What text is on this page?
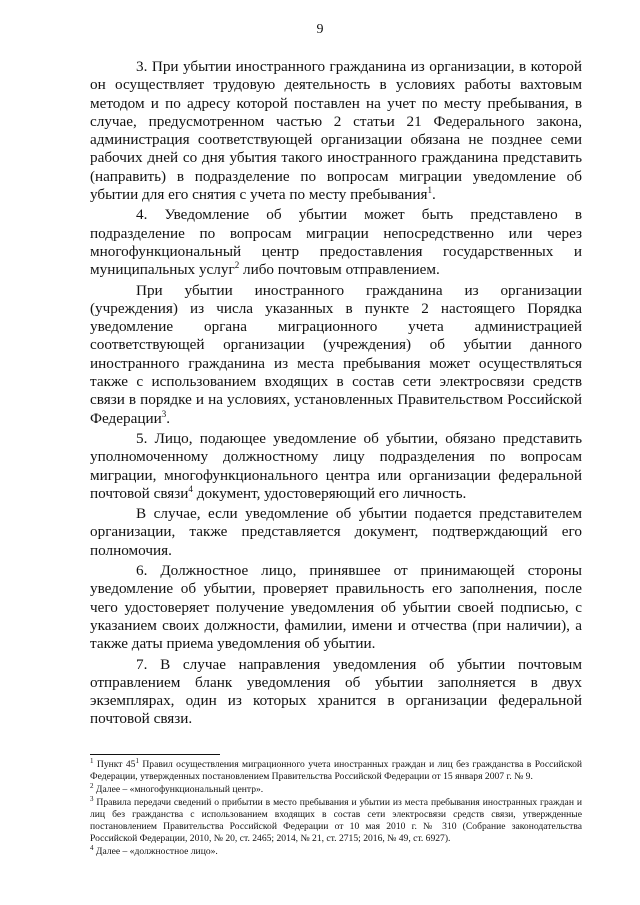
9

3. При убытии иностранного гражданина из организации, в которой он осуществляет трудовую деятельность в условиях работы вахтовым методом и по адресу которой поставлен на учет по месту пребывания, в случае, предусмотренном частью 2 статьи 21 Федерального закона, администрация соответствующей организации обязана не позднее семи рабочих дней со дня убытия такого иностранного гражданина представить (направить) в подразделение по вопросам миграции уведомление об убытии для его снятия с учета по месту пребывания$^1$.

4. Уведомление об убытии может быть представлено в подразделение по вопросам миграции непосредственно или через многофункциональный центр предоставления государственных и муниципальных услуг$^2$ либо почтовым отправлением.

При убытии иностранного гражданина из организации (учреждения) из числа указанных в пункте 2 настоящего Порядка уведомление органа миграционного учета администрацией соответствующей организации (учреждения) об убытии данного иностранного гражданина из места пребывания может осуществляться также с использованием входящих в состав сети электросвязи средств связи в порядке и на условиях, установленных Правительством Российской Федерации$^3$.

5. Лицо, подающее уведомление об убытии, обязано представить уполномоченному должностному лицу подразделения по вопросам миграции, многофункционального центра или организации федеральной почтовой связи$^4$ документ, удостоверяющий его личность.

В случае, если уведомление об убытии подается представителем организации, также представляется документ, подтверждающий его полномочия.

6. Должностное лицо, принявшее от принимающей стороны уведомление об убытии, проверяет правильность его заполнения, после чего удостоверяет получение уведомления об убытии своей подписью, с указанием своих должности, фамилии, имени и отчества (при наличии), а также даты приема уведомления об убытии.

7. В случае направления уведомления об убытии почтовым отправлением бланк уведомления об убытии заполняется в двух экземплярах, один из которых хранится в организации федеральной почтовой связи.

$^1$ Пункт $45^1$ Правил осуществления миграционного учета иностранных граждан и лиц без гражданства в Российской Федерации, утвержденных постановлением Правительства Российской Федерации от 15 января 2007 г. № 9.

$^2$ Далее – «многофункциональный центр».

$^3$ Правила передачи сведений о прибытии в место пребывания и убытии из места пребывания иностранных граждан и лиц без гражданства с использованием входящих в состав сети электросвязи средств связи, утвержденные постановлением Правительства Российской Федерации от 10 мая 2010 г. № 310 (Собрание законодательства Российской Федерации, 2010, № 20, ст. 2465; 2014, № 21, ст. 2715; 2016, № 49, ст. 6927).

$^4$ Далее – «должностное лицо».
